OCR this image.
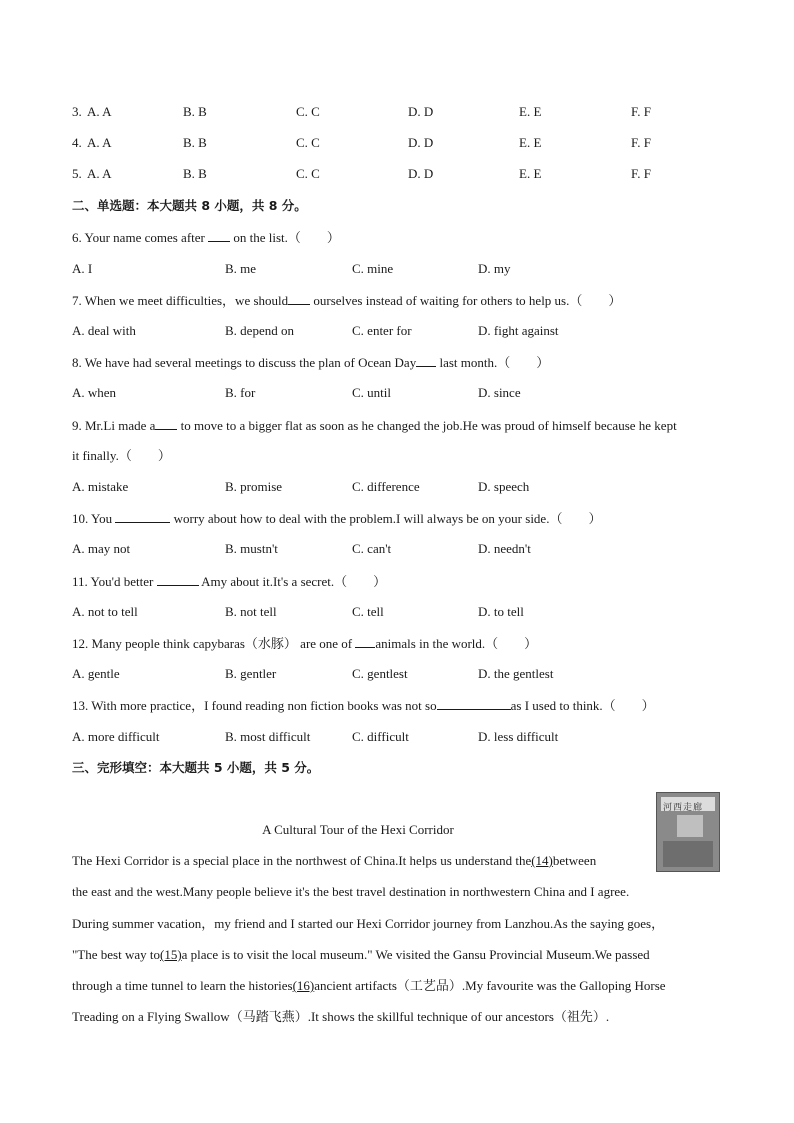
3. A. A	B. B	C. C	D. D	E. E	F. F
4. A. A	B. B	C. C	D. D	E. E	F. F
5. A. A	B. B	C. C	D. D	E. E	F. F
二、单选题：本大题共 8 小题，共 8 分。
6. Your name comes after on the list.（　　）
A. I	B. me	C. mine	D. my
7. When we meet difficulties，we should ourselves instead of waiting for others to help us.（　　）
A. deal with	B. depend on	C. enter for	D. fight against
8. We have had several meetings to discuss the plan of Ocean Day last month.（　　）
A. when	B. for	C. until	D. since
9. Mr.Li made a to move to a bigger flat as soon as he changed the job.He was proud of himself because he kept
it finally.（　　）
A. mistake	B. promise	C. difference	D. speech
10. You	worry about how to deal with the problem.I will always be on your side.（　　）
A. may not	B. mustn't	C. can't	D. needn't
11. You'd better	Amy about it.It's a secret.（　　）
A. not to tell	B. not tell	C. tell	D. to tell
12. Many people think capybaras（水豚） are one of animals in the world.（　　）
A. gentle	B. gentler	C. gentlest	D. the gentlest
13. With more practice，I found reading non fiction books was not so	as I used to think.（　　）
A. more difficult	B. most difficult	C. difficult	D. less difficult
三、完形填空：本大题共 5 小题，共 5 分。
河西走廊
A Cultural Tour of the Hexi Corridor
The Hexi Corridor is a special place in the northwest of China.It helps us understand the(14)between
the east and the west.Many people believe it's the best travel destination in northwestern China and I agree.
During summer vacation，my friend and I started our Hexi Corridor journey from Lanzhou.As the saying goes，
"The best way to(15)a place is to visit the local museum." We visited the Gansu Provincial Museum.We passed
through a time tunnel to learn the histories(16)ancient artifacts（工艺品）.My favourite was the Galloping Horse
Treading on a Flying Swallow（马踏飞燕）.It shows the skillful technique of our ancestors（祖先）.
